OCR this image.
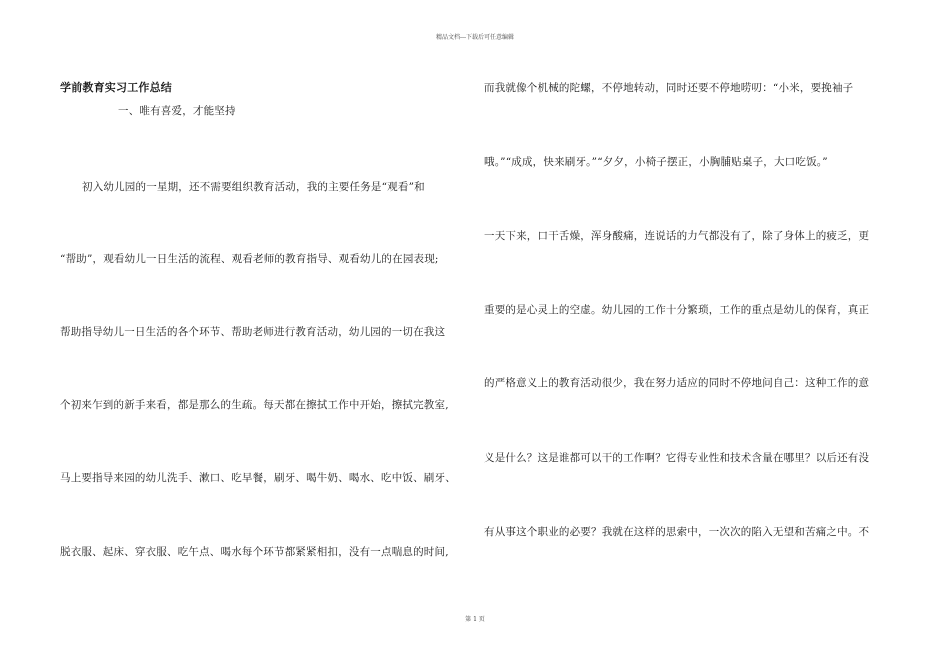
精品文档---下载后可任意编辑
学前教育实习工作总结
一、唯有喜爱，才能坚持
初入幼儿园的一星期，还不需要组织教育活动，我的主要任务是“观看”和
“帮助”，观看幼儿一日生活的流程、观看老师的教育指导、观看幼儿的在园表现;
帮助指导幼儿一日生活的各个环节、帮助老师进行教育活动，幼儿园的一切在我这
个初来乍到的新手来看，都是那么的生疏。每天都在擦拭工作中开始，擦拭完教室,
马上要指导来园的幼儿洗手、漱口、吃早餐，刷牙、喝牛奶、喝水、吃中饭、刷牙、
脱衣服、起床、穿衣服、吃午点、喝水每个环节都紧紧相扣，没有一点喘息的时间,
而我就像个机械的陀螺，不停地转动，同时还要不停地唠叨：“小米，要挽袖子
哦。”“成成，快来刷牙。”“夕夕，小椅子摆正，小胸脯贴桌子，大口吃饭。”
一天下来，口干舌燥，浑身酸痛，连说话的力气都没有了，除了身体上的疲乏，更
重要的是心灵上的空虚。幼儿园的工作十分繁琐，工作的重点是幼儿的保育，真正
的严格意义上的教育活动很少，我在努力适应的同时不停地问自己：这种工作的意
义是什么？这是谁都可以干的工作啊？它得专业性和技术含量在哪里？以后还有没
有从事这个职业的必要？我就在这样的思索中，一次次的陷入无望和苦痛之中。不
第 1 页
